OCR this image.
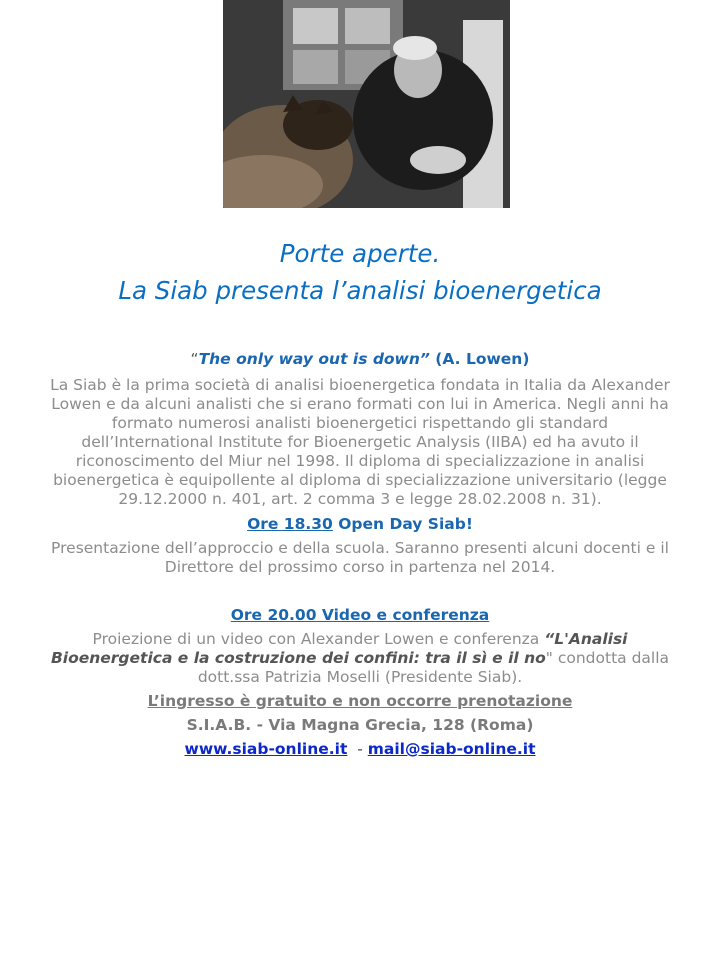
Porte aperte.
La Siab presenta l’analisi bioenergetica
“The only way out is down” (A. Lowen)
La Siab è la prima società di analisi bioenergetica fondata in Italia da Alexander
Lowen e da alcuni analisti che si erano formati con lui in America. Negli anni ha
formato numerosi analisti bioenergetici rispettando gli standard
dell’International Institute for Bioenergetic Analysis (IIBA) ed ha avuto il
riconoscimento del Miur nel 1998. Il diploma di specializzazione in analisi
bioenergetica è equipollente al diploma di specializzazione universitario (legge
29.12.2000 n. 401, art. 2 comma 3 e legge 28.02.2008 n. 31).
Ore 18.30 Open Day Siab!
Presentazione dell’approccio e della scuola. Saranno presenti alcuni docenti e il
Direttore del prossimo corso in partenza nel 2014.
Ore 20.00 Video e conferenza
Proiezione di un video con Alexander Lowen e conferenza “L'Analisi
Bioenergetica e la costruzione dei confini: tra il sì e il no" condotta dalla
dott.ssa Patrizia Moselli (Presidente Siab).
L’ingresso è gratuito e non occorre prenotazione
S.I.A.B. - Via Magna Grecia, 128 (Roma)
www.siab-online.it  - mail@siab-online.it
